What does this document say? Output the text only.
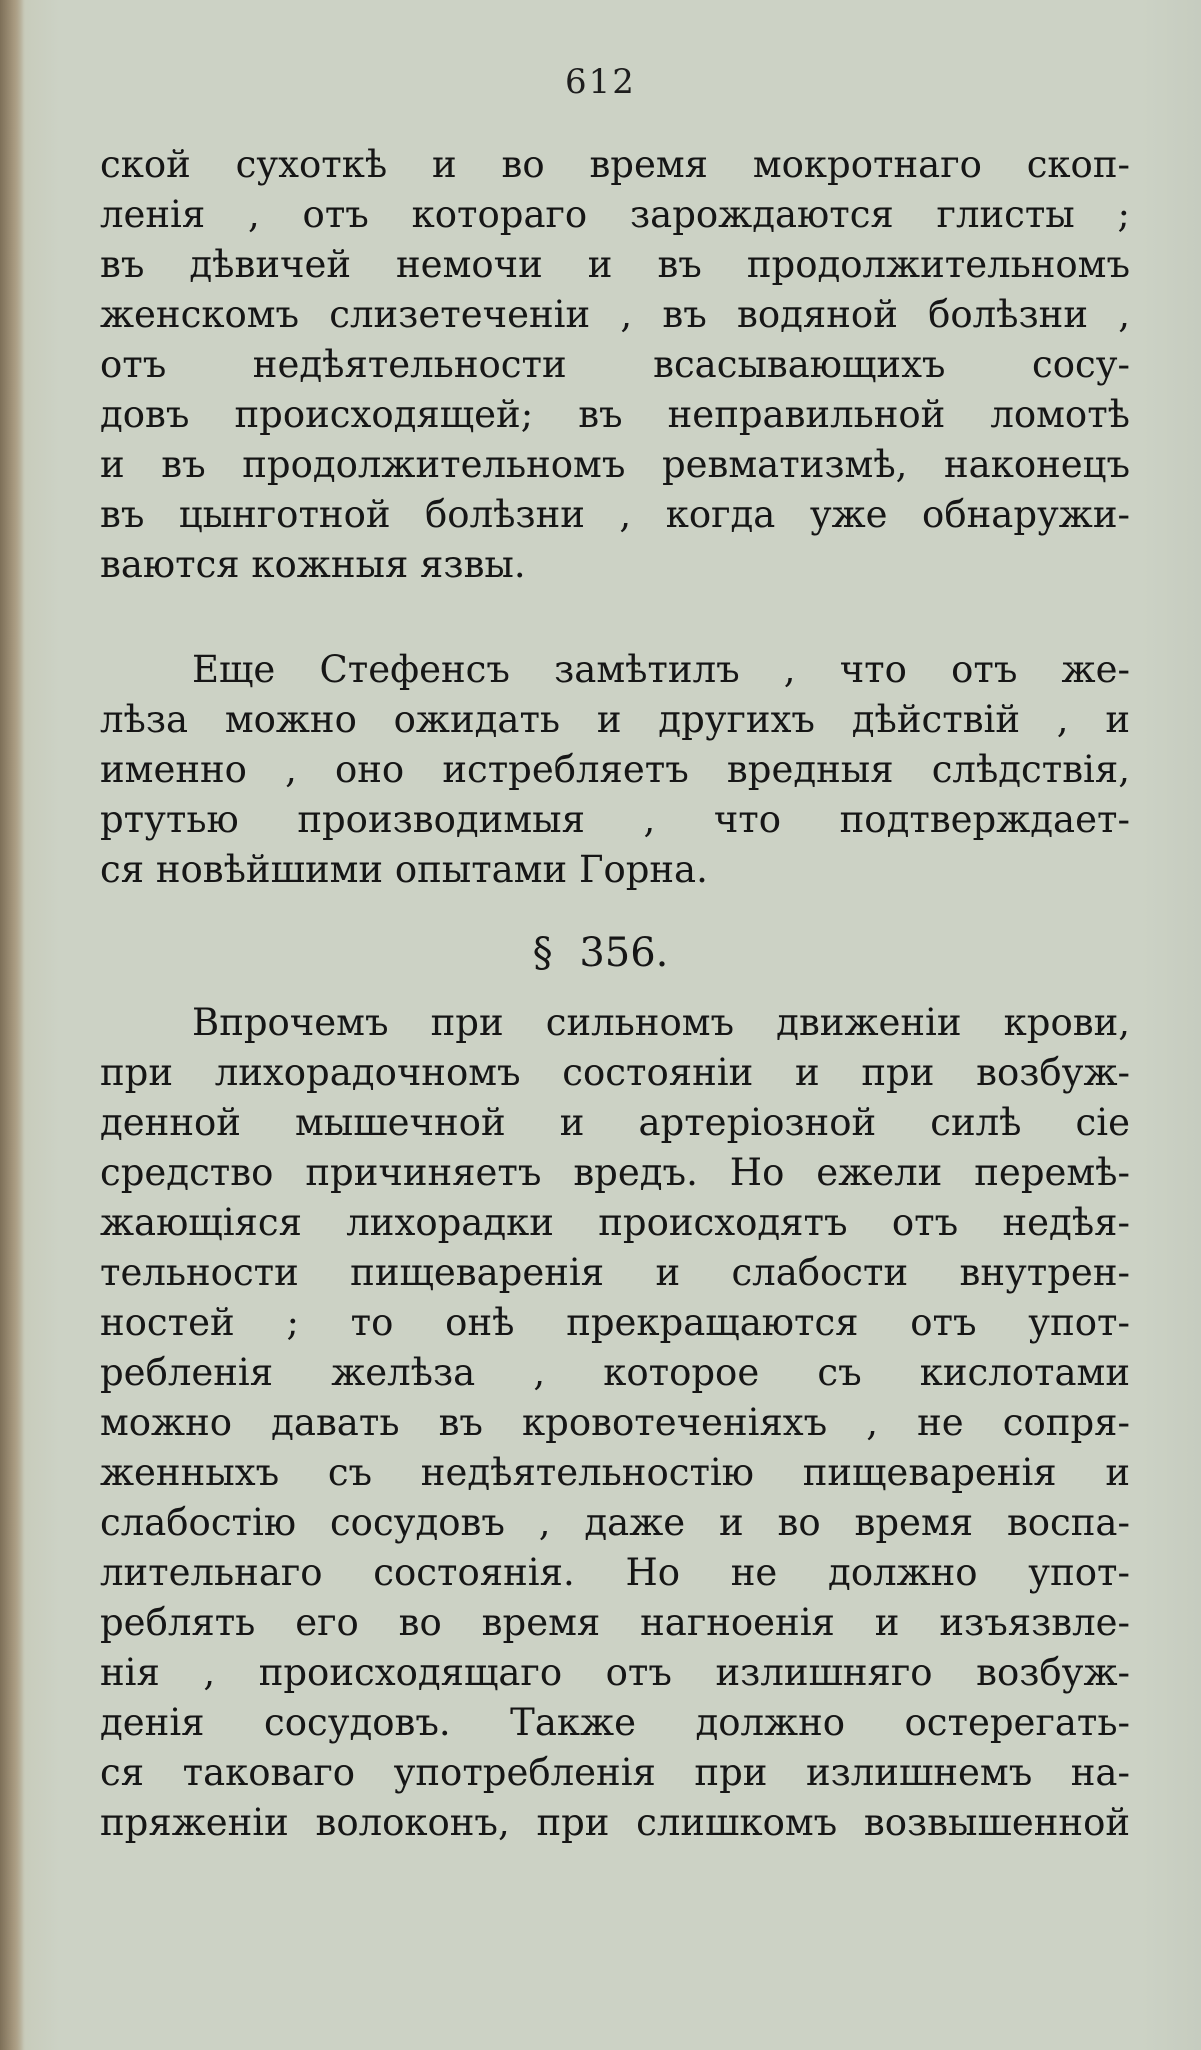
612
ской сухоткѣ и во время мокротнаго скоп-
ленія , отъ котораго зарождаются глисты ;
въ дѣвичей немочи и въ продолжительномъ
женскомъ слизетеченіи , въ водяной болѣзни ,
отъ недѣятельности всасывающихъ сосу-
довъ происходящей; въ неправильной ломотѣ
и въ продолжительномъ ревматизмѣ, наконецъ
въ цынготной болѣзни , когда уже обнаружи-
ваются кожныя язвы.
Еще Стефенсъ замѣтилъ , что отъ же-
лѣза можно ожидать и другихъ дѣйствій , и
именно , оно истребляетъ вредныя слѣдствія,
ртутью производимыя , что подтверждает-
ся новѣйшими опытами Горна.
§ 356.
Впрочемъ при сильномъ движеніи крови,
при лихорадочномъ состояніи и при возбуж-
денной мышечной и артеріозной силѣ сіе
средство причиняетъ вредъ. Но ежели перемѣ-
жающіяся лихорадки происходятъ отъ недѣя-
тельности пищеваренія и слабости внутрен-
ностей ; то онѣ прекращаются отъ упот-
ребленія желѣза , которое съ кислотами
можно давать въ кровотеченіяхъ , не сопря-
женныхъ съ недѣятельностію пищеваренія и
слабостію сосудовъ , даже и во время воспа-
лительнаго состоянія. Но не должно упот-
реблять его во время нагноенія и изъязвле-
нія , происходящаго отъ излишняго возбуж-
денія сосудовъ. Также должно остерегать-
ся таковаго употребленія при излишнемъ на-
пряженіи волоконъ, при слишкомъ возвышенной
